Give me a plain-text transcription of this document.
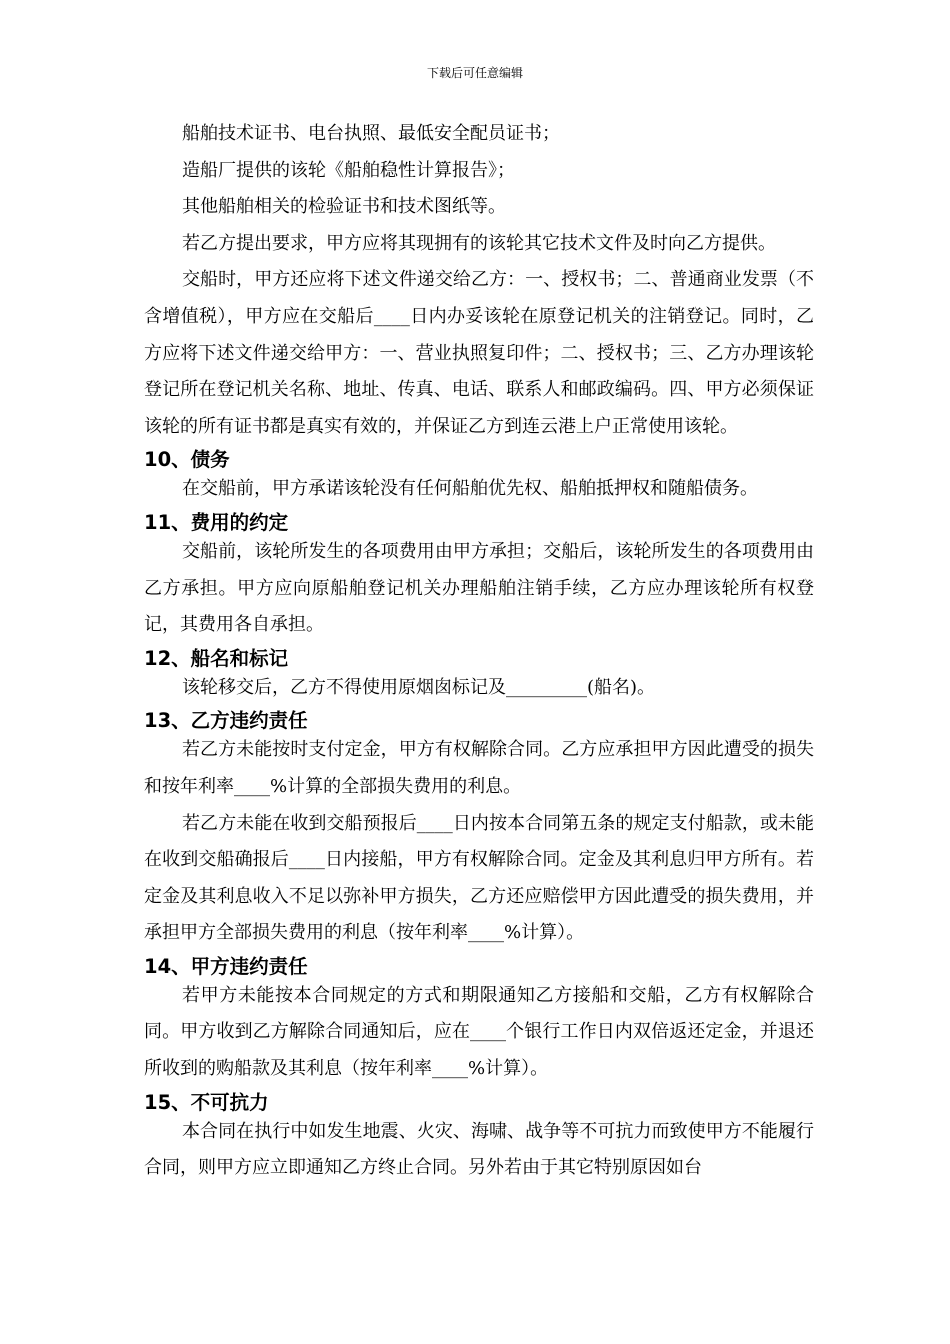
下载后可任意编辑

船舶技术证书、电台执照、最低安全配员证书；

造船厂提供的该轮《船舶稳性计算报告》；

其他船舶相关的检验证书和技术图纸等。

若乙方提出要求，甲方应将其现拥有的该轮其它技术文件及时向乙方提供。

交船时，甲方还应将下述文件递交给乙方：一、授权书；二、普通商业发票（不含增值税），甲方应在交船后____日内办妥该轮在原登记机关的注销登记。同时，乙方应将下述文件递交给甲方：一、营业执照复印件；二、授权书；三、乙方办理该轮登记所在登记机关名称、地址、传真、电话、联系人和邮政编码。四、甲方必须保证该轮的所有证书都是真实有效的，并保证乙方到连云港上户正常使用该轮。

10、债务

在交船前，甲方承诺该轮没有任何船舶优先权、船舶抵押权和随船债务。

11、费用的约定

交船前，该轮所发生的各项费用由甲方承担；交船后，该轮所发生的各项费用由乙方承担。甲方应向原船舶登记机关办理船舶注销手续，乙方应办理该轮所有权登记，其费用各自承担。

12、船名和标记

该轮移交后，乙方不得使用原烟囱标记及_________(船名)。

13、乙方违约责任

若乙方未能按时支付定金，甲方有权解除合同。乙方应承担甲方因此遭受的损失和按年利率____%计算的全部损失费用的利息。

若乙方未能在收到交船预报后____日内按本合同第五条的规定支付船款，或未能在收到交船确报后____日内接船，甲方有权解除合同。定金及其利息归甲方所有。若定金及其利息收入不足以弥补甲方损失，乙方还应赔偿甲方因此遭受的损失费用，并承担甲方全部损失费用的利息（按年利率____%计算）。

14、甲方违约责任

若甲方未能按本合同规定的方式和期限通知乙方接船和交船，乙方有权解除合同。甲方收到乙方解除合同通知后，应在____个银行工作日内双倍返还定金，并退还所收到的购船款及其利息（按年利率____%计算）。

15、不可抗力

本合同在执行中如发生地震、火灾、海啸、战争等不可抗力而致使甲方不能履行合同，则甲方应立即通知乙方终止合同。另外若由于其它特别原因如台
